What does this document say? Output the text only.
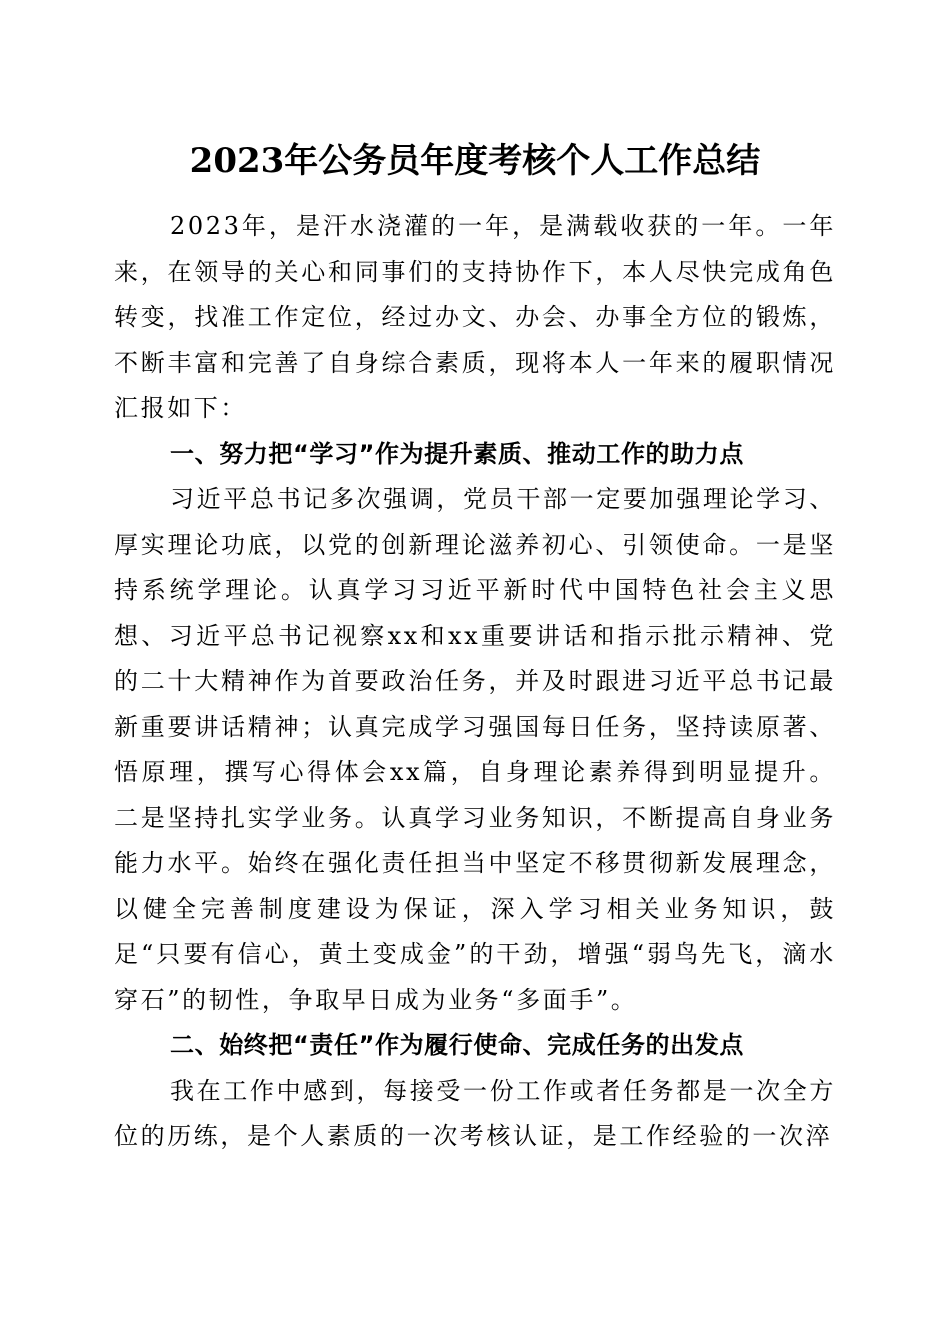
2023年公务员年度考核个人工作总结

2023年，是汗水浇灌的一年，是满载收获的一年。一年来，在领导的关心和同事们的支持协作下，本人尽快完成角色转变，找准工作定位，经过办文、办会、办事全方位的锻炼，不断丰富和完善了自身综合素质，现将本人一年来的履职情况汇报如下：

一、努力把“学习”作为提升素质、推动工作的助力点

习近平总书记多次强调，党员干部一定要加强理论学习、厚实理论功底，以党的创新理论滋养初心、引领使命。一是坚持系统学理论。认真学习习近平新时代中国特色社会主义思想、习近平总书记视察xx和xx重要讲话和指示批示精神、党的二十大精神作为首要政治任务，并及时跟进习近平总书记最新重要讲话精神；认真完成学习强国每日任务，坚持读原著、悟原理，撰写心得体会xx篇，自身理论素养得到明显提升。二是坚持扎实学业务。认真学习业务知识，不断提高自身业务能力水平。始终在强化责任担当中坚定不移贯彻新发展理念，以健全完善制度建设为保证，深入学习相关业务知识，鼓足“只要有信心，黄土变成金”的干劲，增强“弱鸟先飞，滴水穿石”的韧性，争取早日成为业务“多面手”。

二、始终把“责任”作为履行使命、完成任务的出发点

我在工作中感到，每接受一份工作或者任务都是一次全方位的历练，是个人素质的一次考核认证，是工作经验的一次淬
